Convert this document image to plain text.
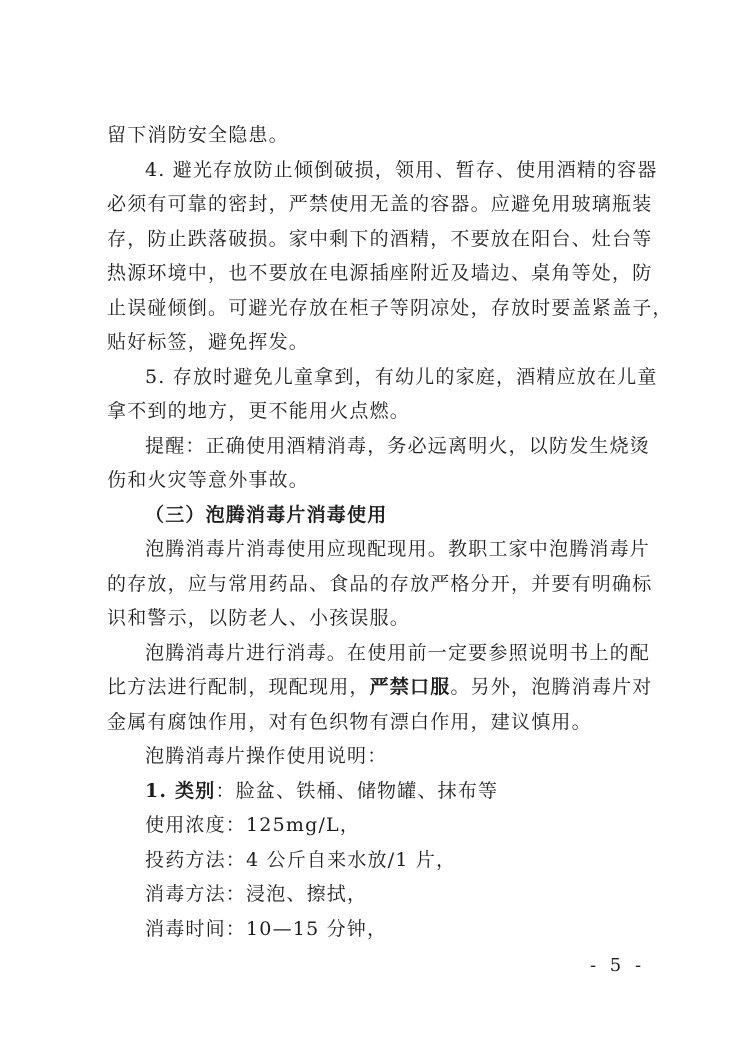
留下消防安全隐患。

4. 避光存放防止倾倒破损，领用、暂存、使用酒精的容器

必须有可靠的密封，严禁使用无盖的容器。应避免用玻璃瓶装

存，防止跌落破损。家中剩下的酒精，不要放在阳台、灶台等

热源环境中，也不要放在电源插座附近及墙边、桌角等处，防

止误碰倾倒。可避光存放在柜子等阴凉处，存放时要盖紧盖子，

贴好标签，避免挥发。

5. 存放时避免儿童拿到，有幼儿的家庭，酒精应放在儿童

拿不到的地方，更不能用火点燃。

提醒：正确使用酒精消毒，务必远离明火，以防发生烧烫

伤和火灾等意外事故。

（三）泡腾消毒片消毒使用

泡腾消毒片消毒使用应现配现用。教职工家中泡腾消毒片

的存放，应与常用药品、食品的存放严格分开，并要有明确标

识和警示，以防老人、小孩误服。

泡腾消毒片进行消毒。在使用前一定要参照说明书上的配

比方法进行配制，现配现用，严禁口服。另外，泡腾消毒片对

金属有腐蚀作用，对有色织物有漂白作用，建议慎用。

泡腾消毒片操作使用说明：

1. 类别：脸盆、铁桶、储物罐、抹布等

使用浓度：125mg/L，

投药方法：4 公斤自来水放/1 片，

消毒方法：浸泡、擦拭，

消毒时间：10—15 分钟，

- 5 -
